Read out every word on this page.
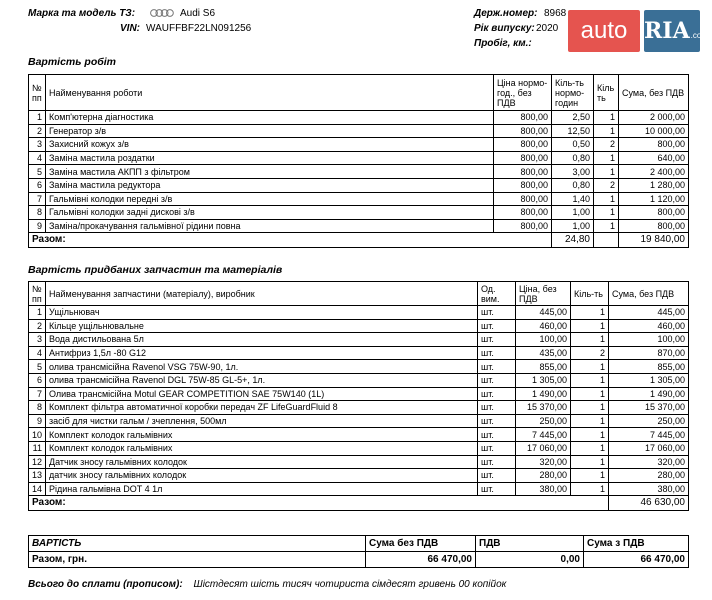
Марка та модель ТЗ:	Audi S6
VIN: WAUFFBF22LN091256
Держ.номер: 8968
Рік випуску: 2020
Пробіг, км.:	auto RIA.com
Вартість робіт
№ пп	Найменування роботи	Ціна нормо-год., без ПДВ	Кіль-ть нормо-годин	Кіль ть	Сума, без ПДВ
1	Комп'ютерна діагностика	800,00	2,50	1	2 000,00
2	Генератор з/в	800,00	12,50	1	10 000,00
3	Захисний кожух з/в	800,00	0,50	2	800,00
4	Заміна мастила роздатки	800,00	0,80	1	640,00
5	Заміна мастила АКПП з фільтром	800,00	3,00	1	2 400,00
6	Заміна мастила редуктора	800,00	0,80	2	1 280,00
7	Гальмівні колодки передні з/в	800,00	1,40	1	1 120,00
8	Гальмівні колодки задні дискові з/в	800,00	1,00	1	800,00
9	Заміна/прокачування гальмівної рідини повна	800,00	1,00	1	800,00
Разом:			24,80		19 840,00
Вартість придбаних запчастин та матеріалів
№ пп	Найменування запчастини (матеріалу), виробник	Од. вим.	Ціна, без ПДВ	Кіль-ть	Сума, без ПДВ
1	Ущільнювач	шт.	445,00	1	445,00
2	Кільце ущільнювальне	шт.	460,00	1	460,00
3	Вода дистильована 5л	шт.	100,00	1	100,00
4	Антифриз 1,5л -80 G12	шт.	435,00	2	870,00
5	олива трансмісійна Ravenol VSG 75W-90, 1л.	шт.	855,00	1	855,00
6	олива трансмісійна Ravenol DGL 75W-85 GL-5+, 1л.	шт.	1 305,00	1	1 305,00
7	Олива трансмісійна Motul GEAR COMPETITION SAE 75W140 (1L)	шт.	1 490,00	1	1 490,00
8	Комплект фільтра автоматичної коробки передач ZF LifeGuardFluid 8	шт.	15 370,00	1	15 370,00
9	засіб для чистки гальм / зчеплення, 500мл	шт.	250,00	1	250,00
10	Комплект колодок гальмівних	шт.	7 445,00	1	7 445,00
11	Комплект колодок гальмівних	шт.	17 060,00	1	17 060,00
12	Датчик зносу гальмівних колодок	шт.	320,00	1	320,00
13	датчик зносу гальмівних колодок	шт.	280,00	1	280,00
14	Рідина гальмівна DOT 4 1л	шт.	380,00	1	380,00
Разом:					46 630,00
ВАРТІСТЬ	Сума без ПДВ	ПДВ	Сума з ПДВ
Разом, грн.	66 470,00	0,00	66 470,00
Всього до сплати (прописом): Шістдесят шість тисяч чотириста сімдесят гривень 00 копійок
